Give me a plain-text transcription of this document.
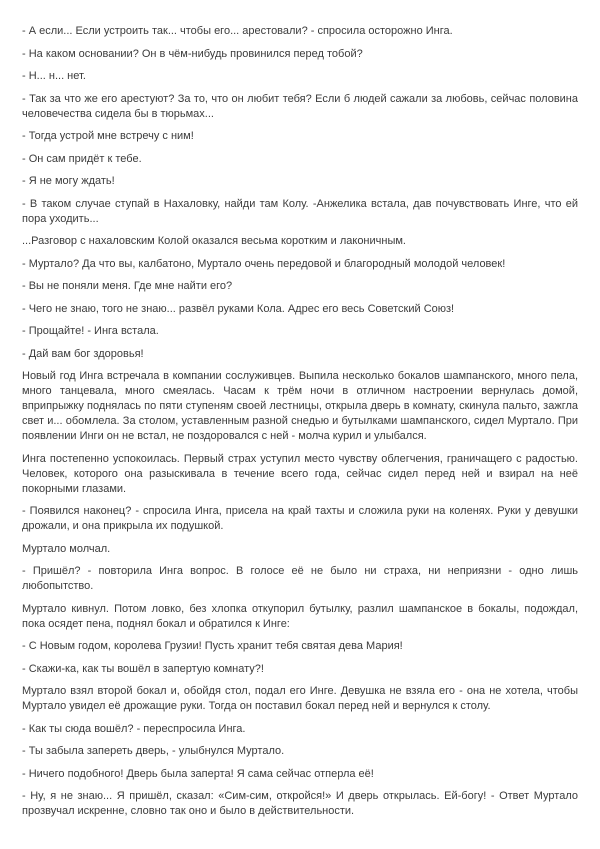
- А если... Если устроить так... чтобы его... арестовали? - спросила осторожно Инга.

- На каком основании? Он в чём-нибудь провинился перед тобой?

- Н... н... нет.

- Так за что же его арестуют? За то, что он любит тебя? Если б людей сажали за любовь, сейчас половина человечества сидела бы в тюрьмах...

- Тогда устрой мне встречу с ним!

- Он сам придёт к тебе.

- Я не могу ждать!

- В таком случае ступай в Нахаловку, найди там Колу. -Анжелика встала, дав почувствовать Инге, что ей пора уходить...

...Разговор с нахаловским Колой оказался весьма коротким и лаконичным.

- Муртало? Да что вы, калбатоно, Муртало очень передовой и благородный молодой человек!

- Вы не поняли меня. Где мне найти его?

- Чего не знаю, того не знаю... развёл руками Кола. Адрес его весь Советский Союз!

- Прощайте! - Инга встала.

- Дай вам бог здоровья!

Новый год Инга встречала в компании сослуживцев. Выпила несколько бокалов шампанского, много пела, много танцевала, много смеялась. Часам к трём ночи в отличном настроении вернулась домой, вприпрыжку поднялась по пяти ступеням своей лестницы, открыла дверь в комнату, скинула пальто, зажгла свет и... обомлела. За столом, уставленным разной снедью и бутылками шампанского, сидел Муртало. При появлении Инги он не встал, не поздоровался с ней - молча курил и улыбался.

Инга постепенно успокоилась. Первый страх уступил место чувству облегчения, граничащего с радостью. Человек, которого она разыскивала в течение всего года, сейчас сидел перед ней и взирал на неё покорными глазами.

- Появился наконец? - спросила Инга, присела на край тахты и сложила руки на коленях. Руки у девушки дрожали, и она прикрыла их подушкой.

Муртало молчал.

- Пришёл? - повторила Инга вопрос. В голосе её не было ни страха, ни неприязни - одно лишь любопытство.

Муртало кивнул. Потом ловко, без хлопка откупорил бутылку, разлил шампанское в бокалы, подождал, пока осядет пена, поднял бокал и обратился к Инге:

- С Новым годом, королева Грузии! Пусть хранит тебя святая дева Мария!

- Скажи-ка, как ты вошёл в запертую комнату?!

Муртало взял второй бокал и, обойдя стол, подал его Инге. Девушка не взяла его - она не хотела, чтобы Муртало увидел её дрожащие руки. Тогда он поставил бокал перед ней и вернулся к столу.

- Как ты сюда вошёл? - переспросила Инга.

- Ты забыла запереть дверь, - улыбнулся Муртало.

- Ничего подобного! Дверь была заперта! Я сама сейчас отперла её!

- Ну, я не знаю... Я пришёл, сказал: «Сим-сим, откройся!» И дверь открылась. Ей-богу! - Ответ Муртало прозвучал искренне, словно так оно и было в действительности.
